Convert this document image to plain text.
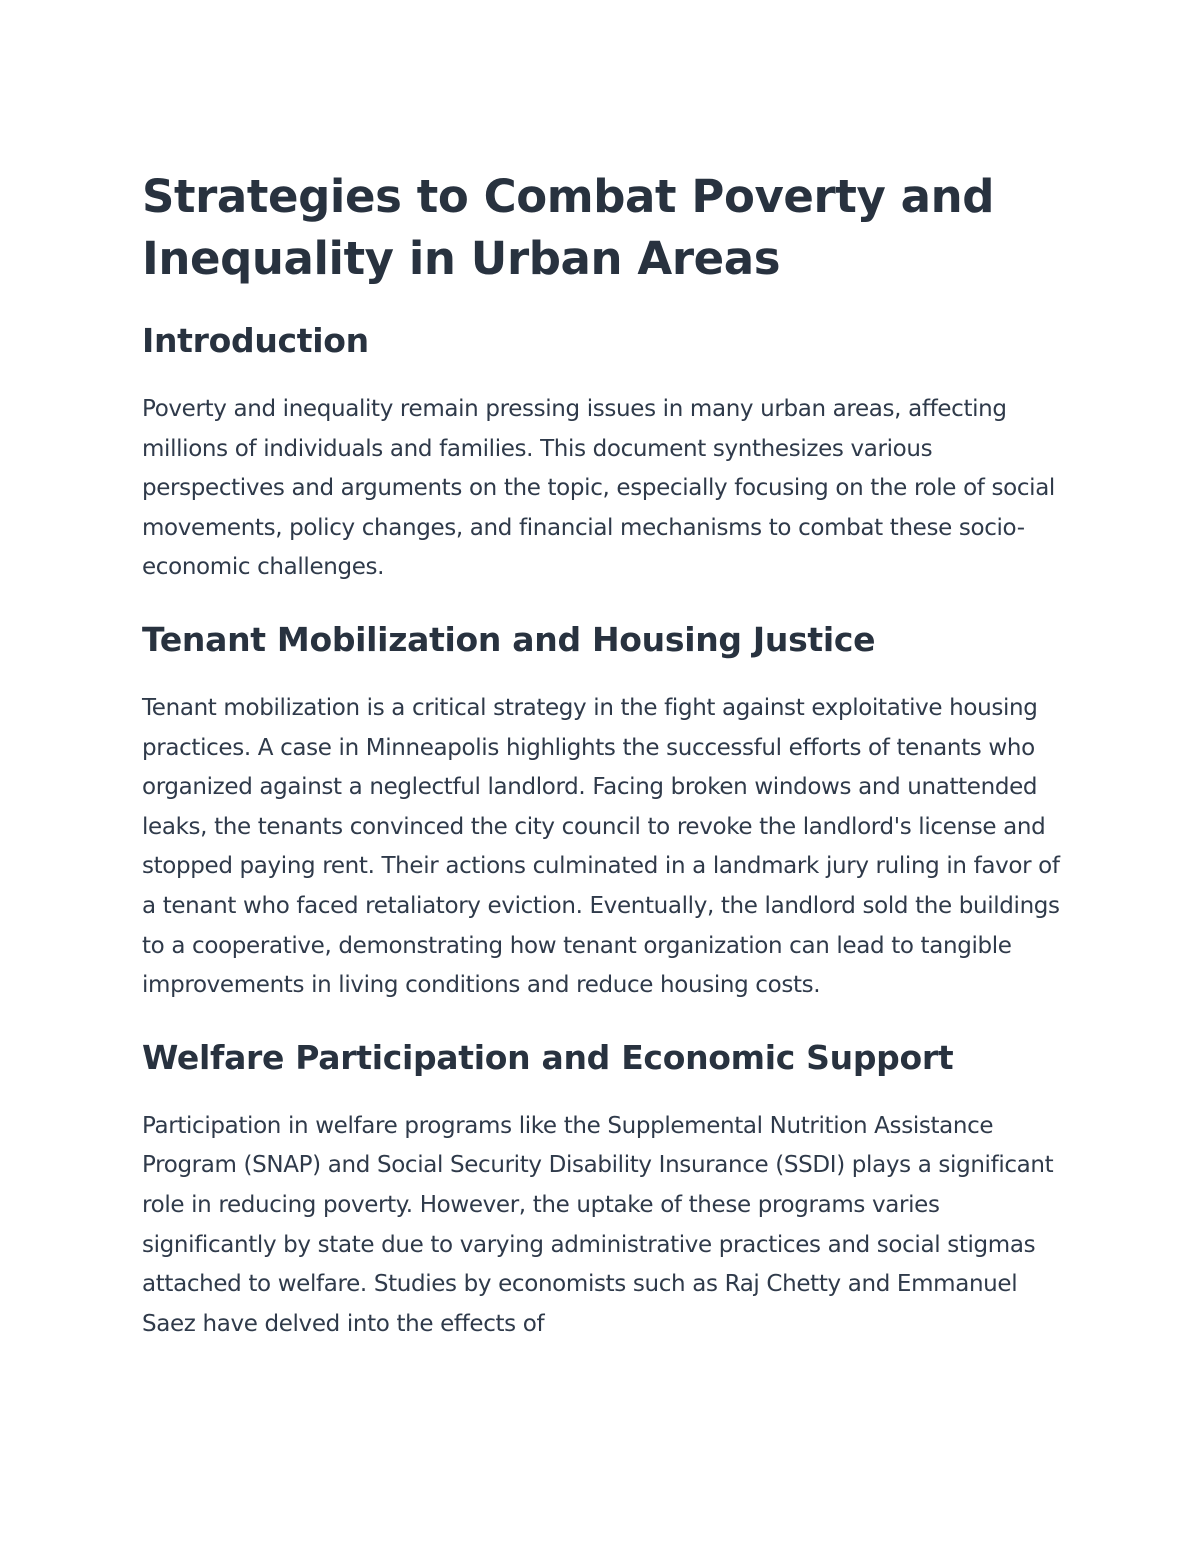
Strategies to Combat Poverty and Inequality in Urban Areas
Introduction

Poverty and inequality remain pressing issues in many urban areas, affecting millions of individuals and families. This document synthesizes various perspectives and arguments on the topic, especially focusing on the role of social movements, policy changes, and financial mechanisms to combat these socio-economic challenges.

Tenant Mobilization and Housing Justice

Tenant mobilization is a critical strategy in the fight against exploitative housing practices. A case in Minneapolis highlights the successful efforts of tenants who organized against a neglectful landlord. Facing broken windows and unattended leaks, the tenants convinced the city council to revoke the landlord's license and stopped paying rent. Their actions culminated in a landmark jury ruling in favor of a tenant who faced retaliatory eviction. Eventually, the landlord sold the buildings to a cooperative, demonstrating how tenant organization can lead to tangible improvements in living conditions and reduce housing costs.

Welfare Participation and Economic Support

Participation in welfare programs like the Supplemental Nutrition Assistance Program (SNAP) and Social Security Disability Insurance (SSDI) plays a significant role in reducing poverty. However, the uptake of these programs varies significantly by state due to varying administrative practices and social stigmas attached to welfare. Studies by economists such as Raj Chetty and Emmanuel Saez have delved into the effects of
